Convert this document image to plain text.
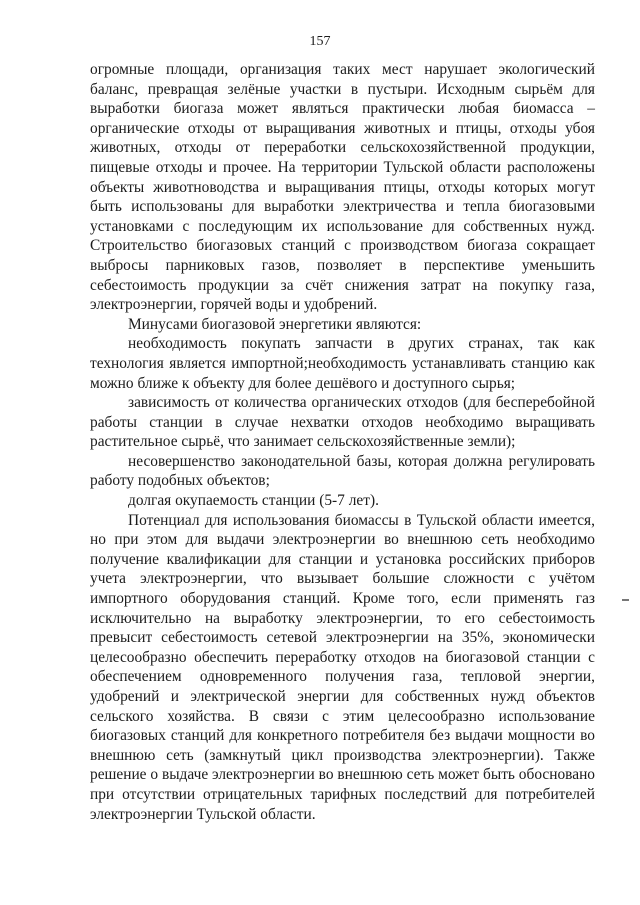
157

огромные площади, организация таких мест нарушает экологический баланс, превращая зелёные участки в пустыри. Исходным сырьём для выработки биогаза может являться практически любая биомасса – органические отходы от выращивания животных и птицы, отходы убоя животных, отходы от переработки сельскохозяйственной продукции, пищевые отходы и прочее. На территории Тульской области расположены объекты животноводства и выращивания птицы, отходы которых могут быть использованы для выработки электричества и тепла биогазовыми установками с последующим их использование для собственных нужд. Строительство биогазовых станций с производством биогаза сокращает выбросы парниковых газов, позволяет в перспективе уменьшить себестоимость продукции за счёт снижения затрат на покупку газа, электроэнергии, горячей воды и удобрений.

Минусами биогазовой энергетики являются:

необходимость покупать запчасти в других странах, так как технология является импортной;необходимость устанавливать станцию как можно ближе к объекту для более дешёвого и доступного сырья;

зависимость от количества органических отходов (для бесперебойной работы станции в случае нехватки отходов необходимо выращивать растительное сырьё, что занимает сельскохозяйственные земли);

несовершенство законодательной базы, которая должна регулировать работу подобных объектов;

долгая окупаемость станции (5-7 лет).

Потенциал для использования биомассы в Тульской области имеется, но при этом для выдачи электроэнергии во внешнюю сеть необходимо получение квалификации для станции и установка российских приборов учета электроэнергии, что вызывает большие сложности с учётом импортного оборудования станций. Кроме того, если применять газ исключительно на выработку электроэнергии, то его себестоимость превысит себестоимость сетевой электроэнергии на 35%, экономически целесообразно обеспечить переработку отходов на биогазовой станции с обеспечением одновременного получения газа, тепловой энергии, удобрений и электрической энергии для собственных нужд объектов сельского хозяйства. В связи с этим целесообразно использование биогазовых станций для конкретного потребителя без выдачи мощности во внешнюю сеть (замкнутый цикл производства электроэнергии). Также решение о выдаче электроэнергии во внешнюю сеть может быть обосновано при отсутствии отрицательных тарифных последствий для потребителей электроэнергии Тульской области.
